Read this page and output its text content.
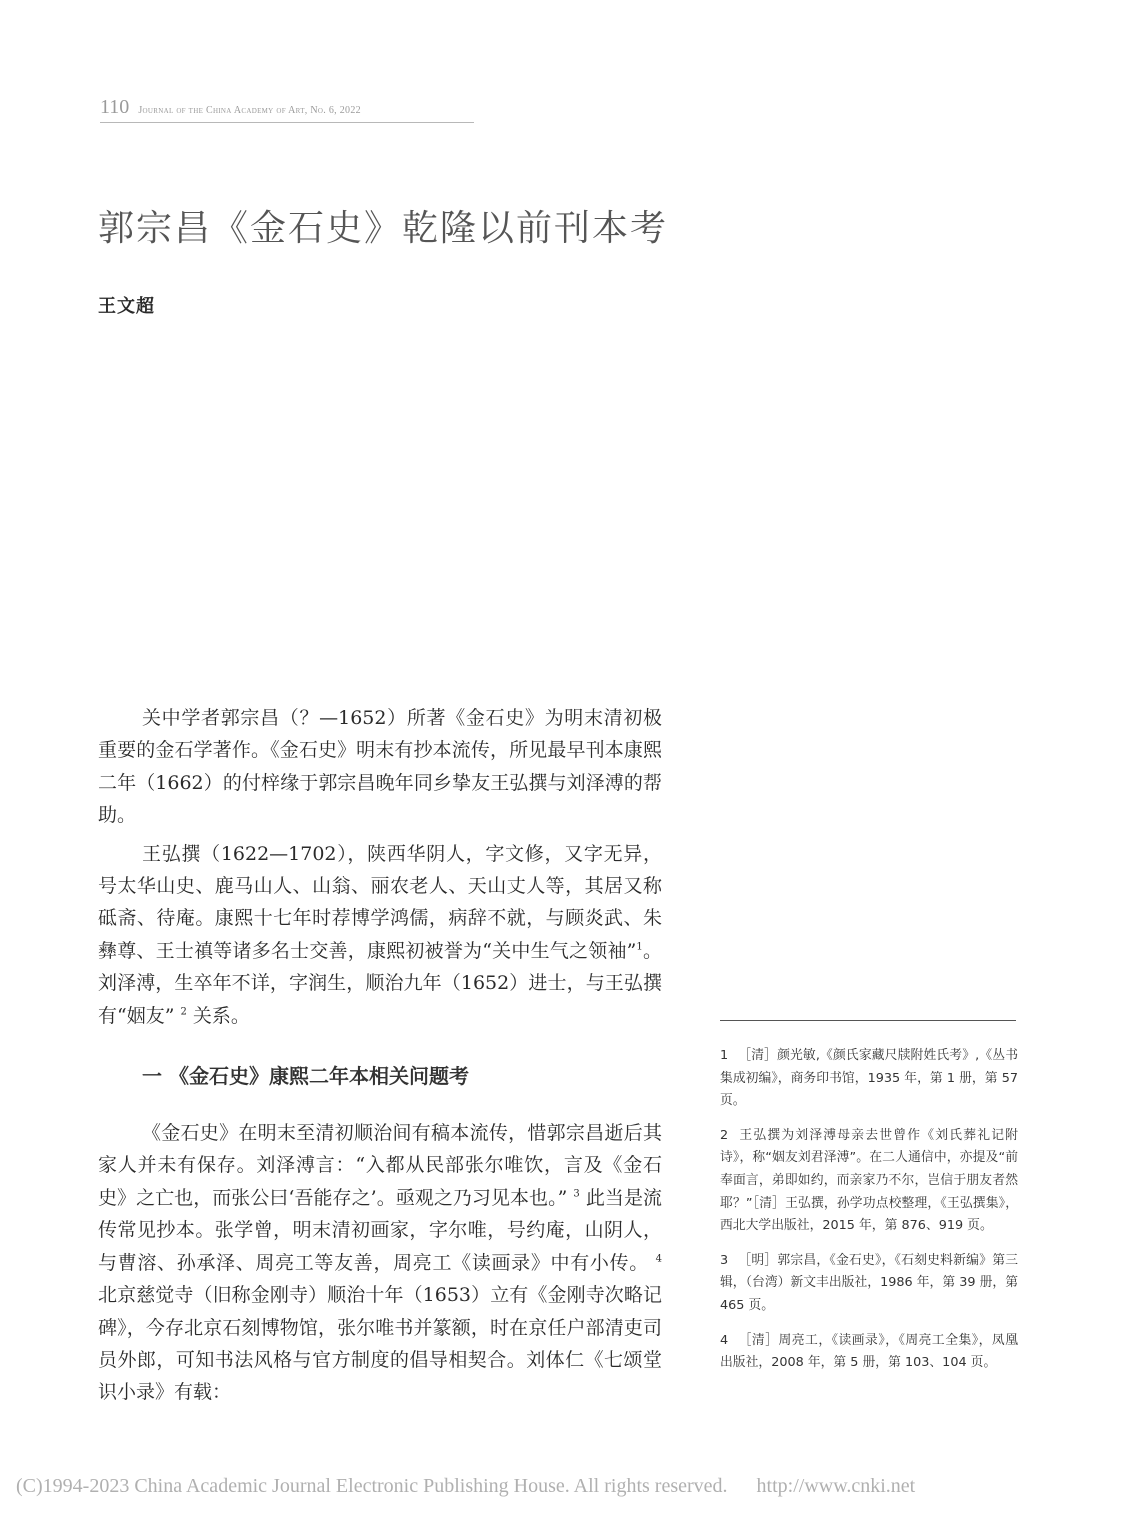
110 Journal of the China Academy of Art, No. 6, 2022
郭宗昌《金石史》乾隆以前刊本考
王文超

关中学者郭宗昌（？—1652）所著《金石史》为明末清初极重要的金石学著作。《金石史》明末有抄本流传，所见最早刊本康熙二年（1662）的付梓缘于郭宗昌晚年同乡挚友王弘撰与刘泽溥的帮助。

王弘撰（1622—1702），陕西华阴人，字文修，又字无异，号太华山史、鹿马山人、山翁、丽农老人、天山丈人等，其居又称砥斋、待庵。康熙十七年时荐博学鸿儒，病辞不就，与顾炎武、朱彝尊、王士禛等诸多名士交善，康熙初被誉为“关中生气之领袖”$^1$。刘泽溥，生卒年不详，字润生，顺治九年（1652）进士，与王弘撰有“姻友” $^2$ 关系。

一 《金石史》康熙二年本相关问题考

《金石史》在明末至清初顺治间有稿本流传，惜郭宗昌逝后其家人并未有保存。刘泽溥言：“入都从民部张尔唯饮，言及《金石史》之亡也，而张公曰‘吾能存之’。亟观之乃习见本也。” $^3$ 此当是流传常见抄本。张学曾，明末清初画家，字尔唯，号约庵，山阴人，与曹溶、孙承泽、周亮工等友善，周亮工《读画录》中有小传。 $^4$ 北京慈觉寺（旧称金刚寺）顺治十年（1653）立有《金刚寺次略记碑》，今存北京石刻博物馆，张尔唯书并篆额，时在京任户部清吏司员外郎，可知书法风格与官方制度的倡导相契合。刘体仁《七颂堂识小录》有载：

1 ［清］颜光敏,《颜氏家藏尺牍附姓氏考》,《丛书集成初编》，商务印书馆，1935 年，第 1 册，第 57 页。

2 王弘撰为刘泽溥母亲去世曾作《刘氏葬礼记附诗》，称“姻友刘君泽溥”。在二人通信中，亦提及“前奉面言，弟即如约，而亲家乃不尔，岂信于朋友者然耶？”［清］王弘撰，孙学功点校整理，《王弘撰集》，西北大学出版社，2015 年，第 876、919 页。

3 ［明］郭宗昌，《金石史》，《石刻史料新编》第三辑，（台湾）新文丰出版社，1986 年，第 39 册，第 465 页。

4 ［清］周亮工，《读画录》，《周亮工全集》，凤凰出版社，2008 年，第 5 册，第 103、104 页。

(C)1994-2023 China Academic Journal Electronic Publishing House. All rights reserved. http://www.cnki.net
